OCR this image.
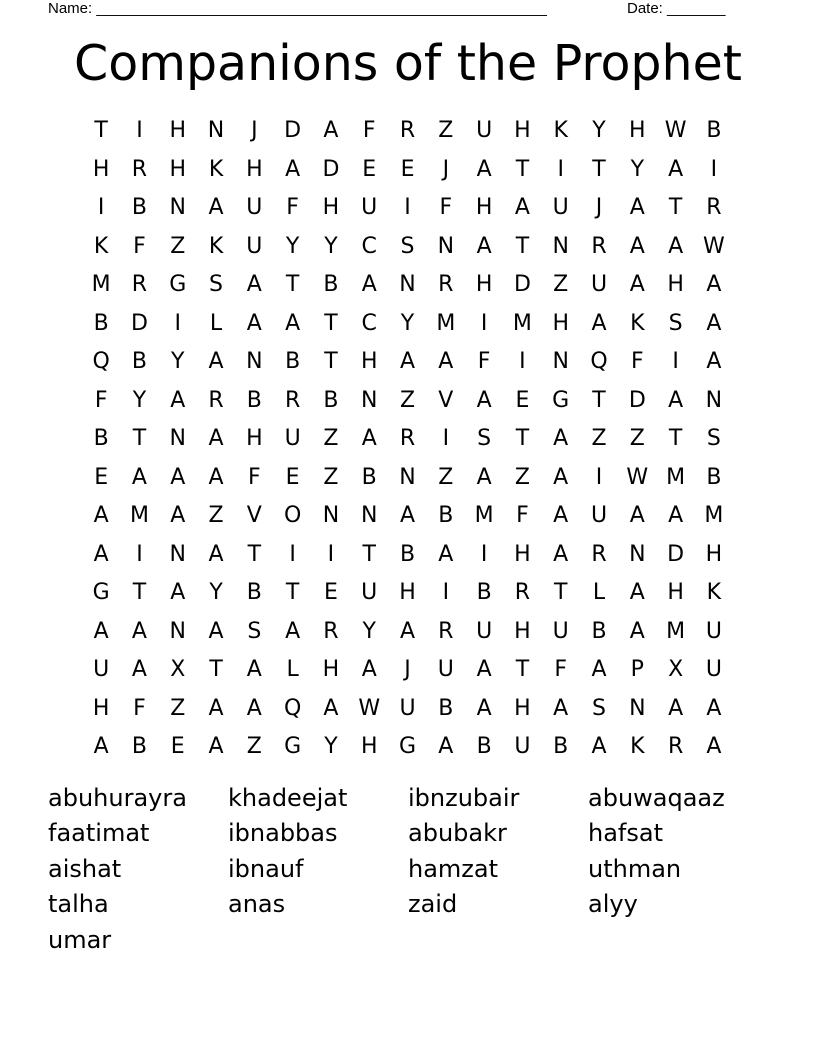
Name: ______________________________________________________	Date: _______
Companions of the Prophet
T	I	H N	J	D	A	F	R	Z	U H	K	Y	H W B
H	R	H	K	H	A	D	E	E	J	A	T	I	T	Y	A	I
I	B	N	A	U	F	H U	I	F	H	A	U	J	A	T	R
K	F	Z	K	U	Y	Y	C	S	N	A	T	N	R	A	A W
M R	G	S	A	T	B	A	N	R	H D	Z	U	A	H	A
B	D	I	L	A	A	T	C	Y	M	I	M H	A	K	S	A
Q	B	Y	A	N	B	T	H	A	A	F	I	N Q	F	I	A
F	Y	A	R	B	R	B	N	Z	V	A	E	G	T	D	A	N
B	T	N	A	H U	Z	A	R	I	S	T	A	Z	Z	T	S
E	A	A	A	F	E	Z	B	N	Z	A	Z	A	I	W M B
A M A	Z	V	O N N	A	B M	F	A	U	A	A M
A	I	N	A	T	I	I	T	B	A	I	H	A	R	N D H
G	T	A	Y	B	T	E	U H	I	B	R	T	L	A	H	K
A	A	N	A	S	A	R	Y	A	R	U H U	B	A M U
U	A	X	T	A	L	H	A	J	U	A	T	F	A	P	X	U
H	F	Z	A	A	Q	A W U	B	A	H	A	S	N	A	A
A	B	E	A	Z	G	Y	H G	A	B	U	B	A	K	R	A
abuhurayra	khadeejat	ibnzubair	abuwaqaaz
faatimat	ibnabbas	abubakr	hafsat
aishat	ibnauf	hamzat	uthman
talha	anas	zaid	alyy
umar
